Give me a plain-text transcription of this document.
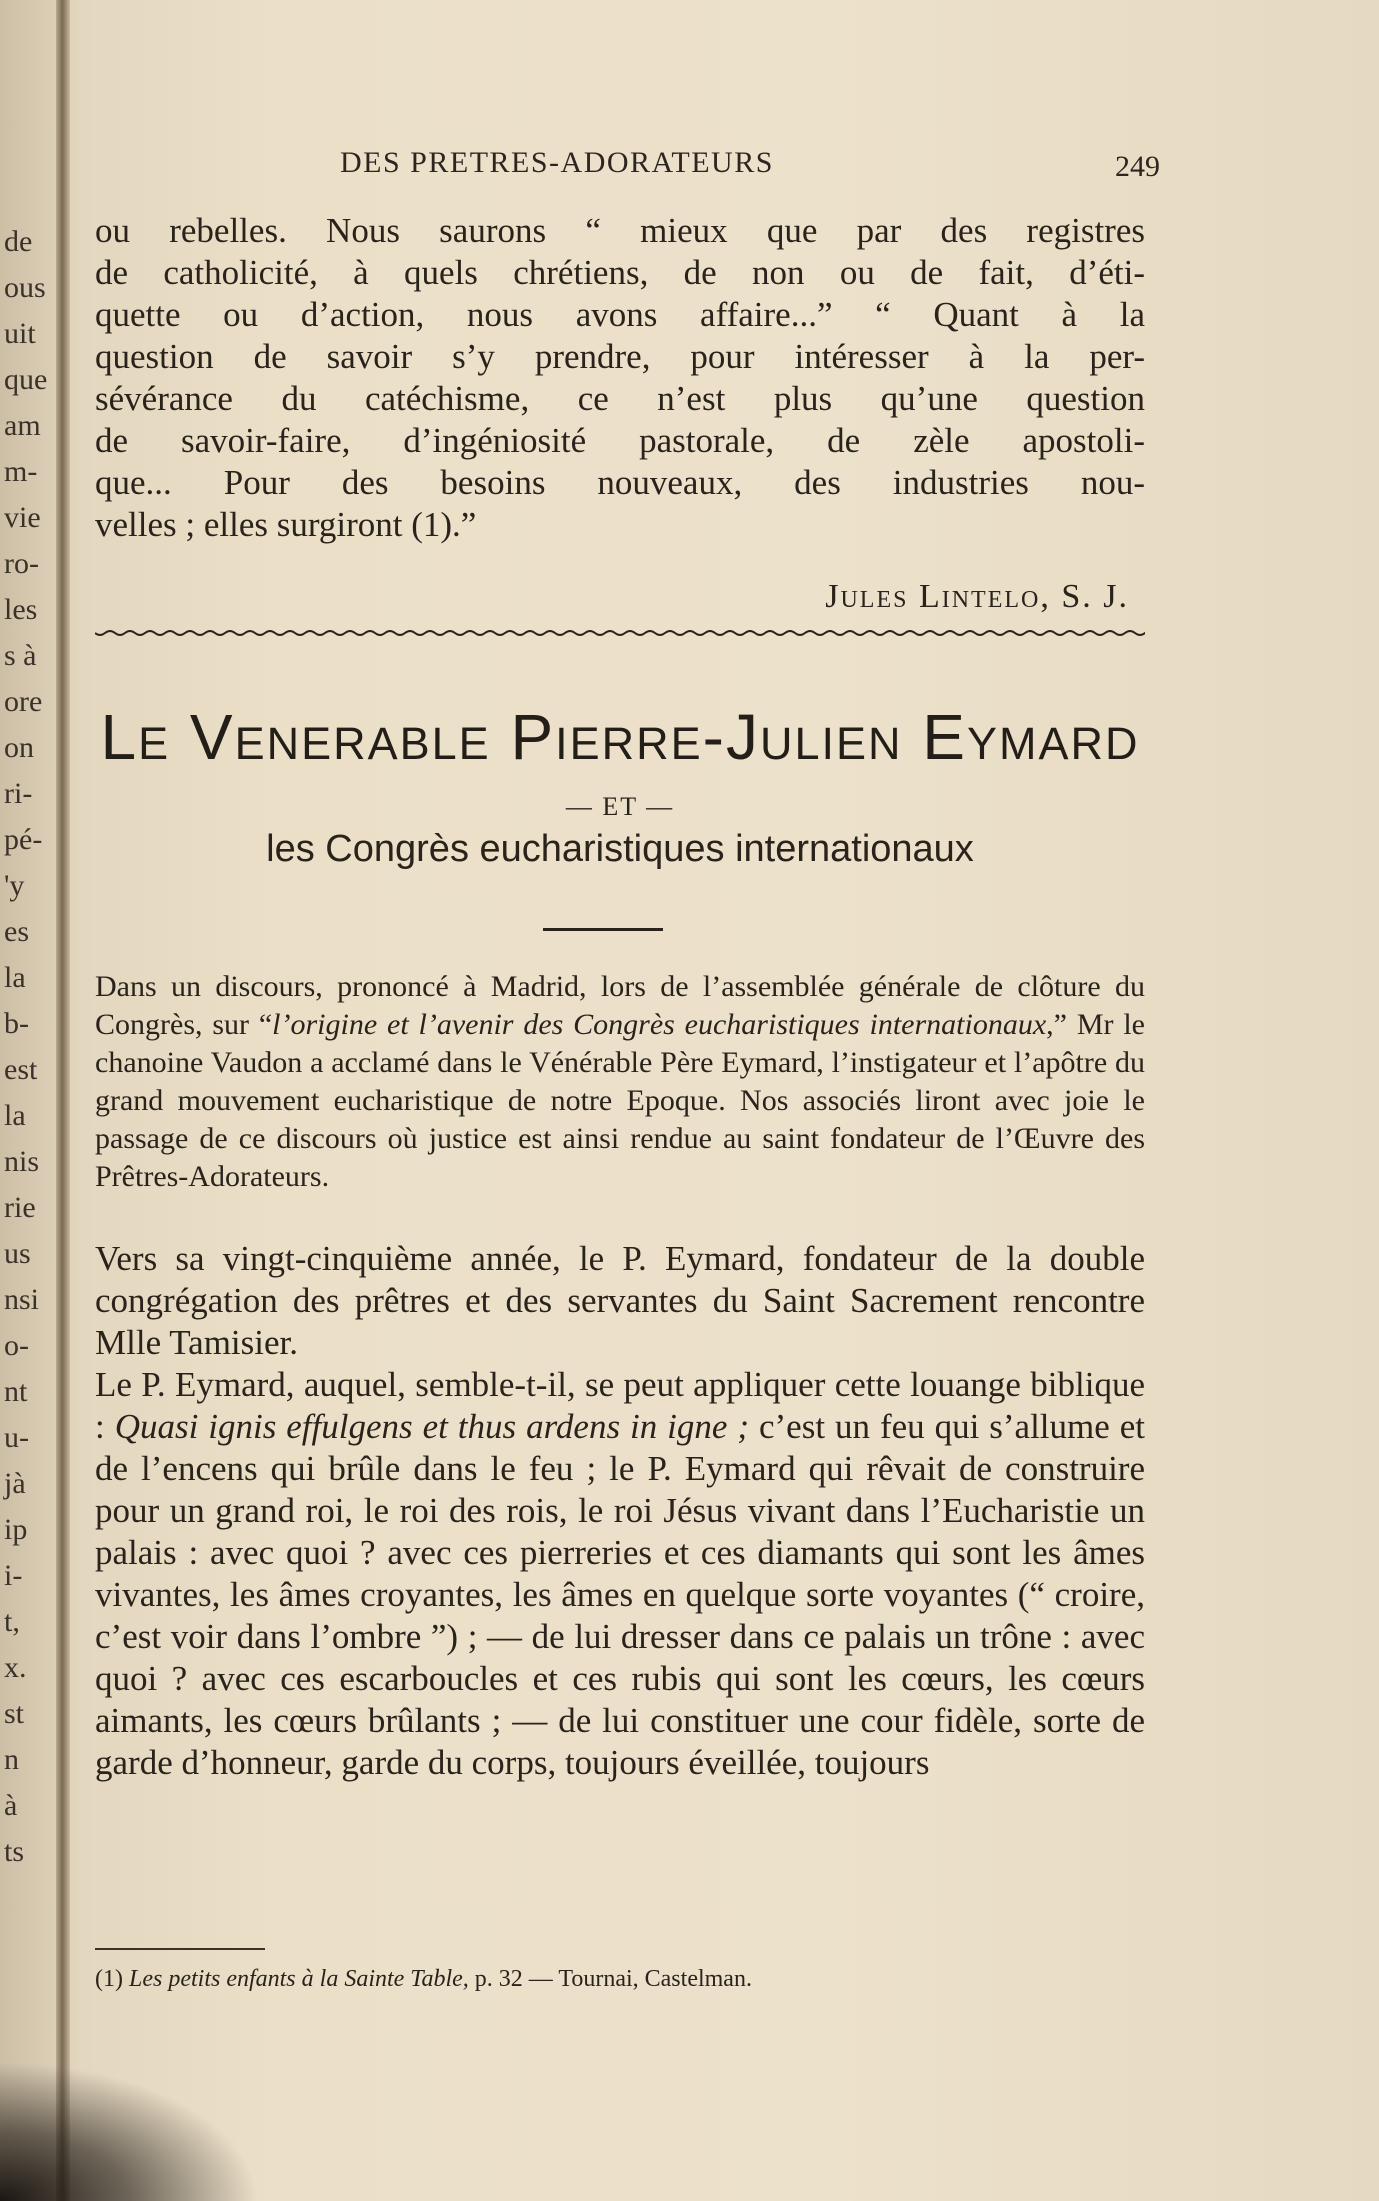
de
ous
uit
que
am
m-
vie
ro-
les
s à
ore
on
ri-
pé-
'y
es
la
b-
est
la
nis
rie
us
nsi
o-
nt
u-
jà
ip
i-
t,
x.
st
n
à
ts
DES PRETRES-ADORATEURS	249
ou rebelles. Nous saurons “ mieux que par des registres
de catholicité, à quels chrétiens, de non ou de fait, d’éti-
quette ou d’action, nous avons affaire...” “ Quant à la
question de savoir s’y prendre, pour intéresser à la per-
sévérance du catéchisme, ce n’est plus qu’une question
de savoir-faire, d’ingéniosité pastorale, de zèle apostoli-
que... Pour des besoins nouveaux, des industries nou-
velles ; elles surgiront (1).”
Jules Lintelo, S. J.
Le Venerable Pierre-Julien Eymard
— ET —
les Congrès eucharistiques internationaux
Dans un discours, prononcé à Madrid, lors de l’assemblée générale de clôture du Congrès, sur “l’origine et l’avenir des Congrès eucharistiques internationaux,” Mr le chanoine Vaudon a acclamé dans le Vénérable Père Eymard, l’instigateur et l’apôtre du grand mouvement eucharistique de notre Epoque. Nos associés liront avec joie le passage de ce discours où justice est ainsi rendue au saint fondateur de l’Œuvre des Prêtres-Adorateurs.

Vers sa vingt-cinquième année, le P. Eymard, fondateur de la double congrégation des prêtres et des servantes du Saint Sacrement rencontre Mlle Tamisier.

Le P. Eymard, auquel, semble-t-il, se peut appliquer cette louange biblique : Quasi ignis effulgens et thus ardens in igne ; c’est un feu qui s’allume et de l’encens qui brûle dans le feu ; le P. Eymard qui rêvait de construire pour un grand roi, le roi des rois, le roi Jésus vivant dans l’Eucharistie un palais : avec quoi ? avec ces pierreries et ces diamants qui sont les âmes vivantes, les âmes croyantes, les âmes en quelque sorte voyantes (“ croire, c’est voir dans l’ombre ”) ; — de lui dresser dans ce palais un trône : avec quoi ? avec ces escarboucles et ces rubis qui sont les cœurs, les cœurs aimants, les cœurs brûlants ; — de lui constituer une cour fidèle, sorte de garde d’honneur, garde du corps, toujours éveillée, toujours

(1) Les petits enfants à la Sainte Table, p. 32 — Tournai, Castelman.
